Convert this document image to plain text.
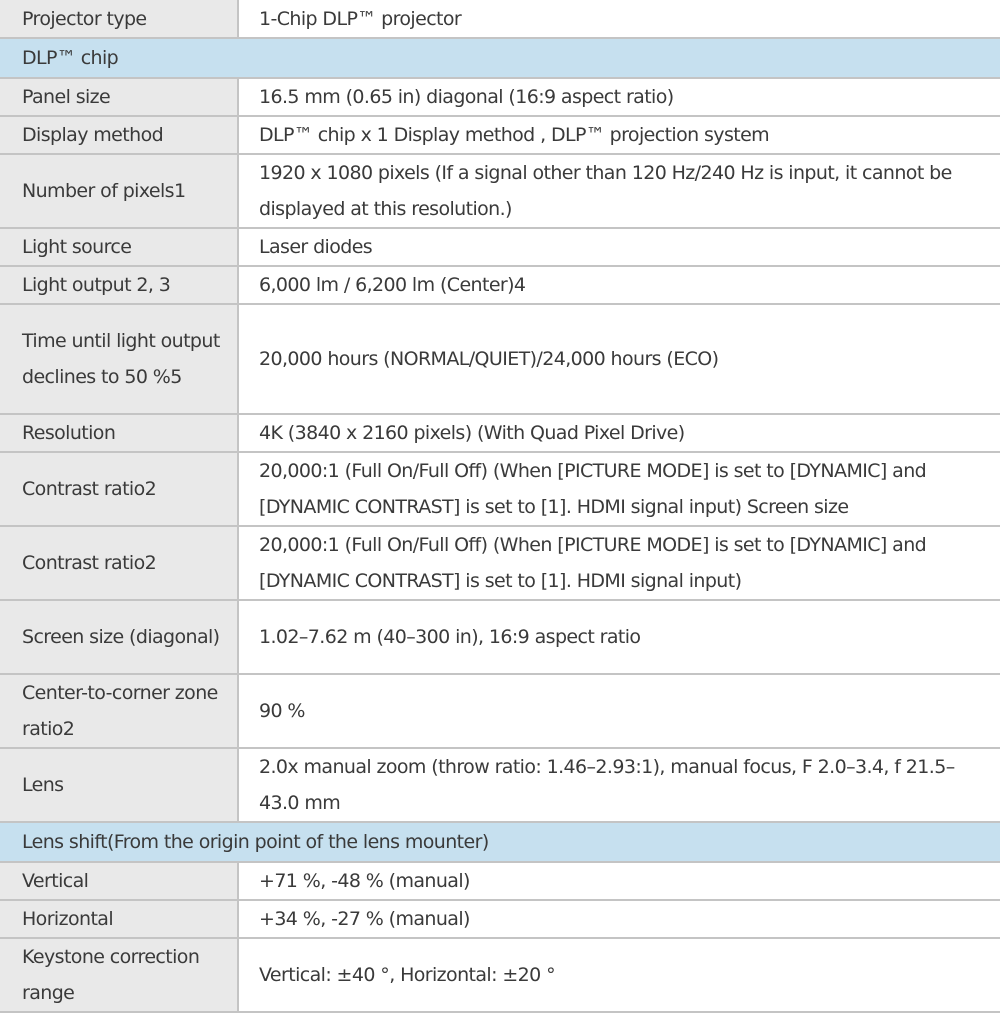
Projector type	1-Chip DLP™ projector
DLP™ chip	
Panel size	16.5 mm (0.65 in) diagonal (16:9 aspect ratio)
Display method	DLP™ chip x 1 Display method , DLP™ projection system
Number of pixels1	1920 x 1080 pixels (If a signal other than 120 Hz/240 Hz is input, it cannot be displayed at this resolution.)
Light source	Laser diodes
Light output 2, 3	6,000 lm / 6,200 lm (Center)4
Time until light output declines to 50 %5	20,000 hours (NORMAL/QUIET)/24,000 hours (ECO)
Resolution	4K (3840 x 2160 pixels) (With Quad Pixel Drive)
Contrast ratio2	20,000:1 (Full On/Full Off) (When [PICTURE MODE] is set to [DYNAMIC] and [DYNAMIC CONTRAST] is set to [1]. HDMI signal input) Screen size
Contrast ratio2	20,000:1 (Full On/Full Off) (When [PICTURE MODE] is set to [DYNAMIC] and [DYNAMIC CONTRAST] is set to [1]. HDMI signal input)
Screen size (diagonal)	1.02–7.62 m (40–300 in), 16:9 aspect ratio
Center-to-corner zone ratio2	90 %
Lens	2.0x manual zoom (throw ratio: 1.46–2.93:1), manual focus, F 2.0–3.4, f 21.5–43.0 mm
Lens shift(From the origin point of the lens mounter)	
Vertical	+71 %, -48 % (manual)
Horizontal	+34 %, -27 % (manual)
Keystone correction range	Vertical: ±40 °, Horizontal: ±20 °
